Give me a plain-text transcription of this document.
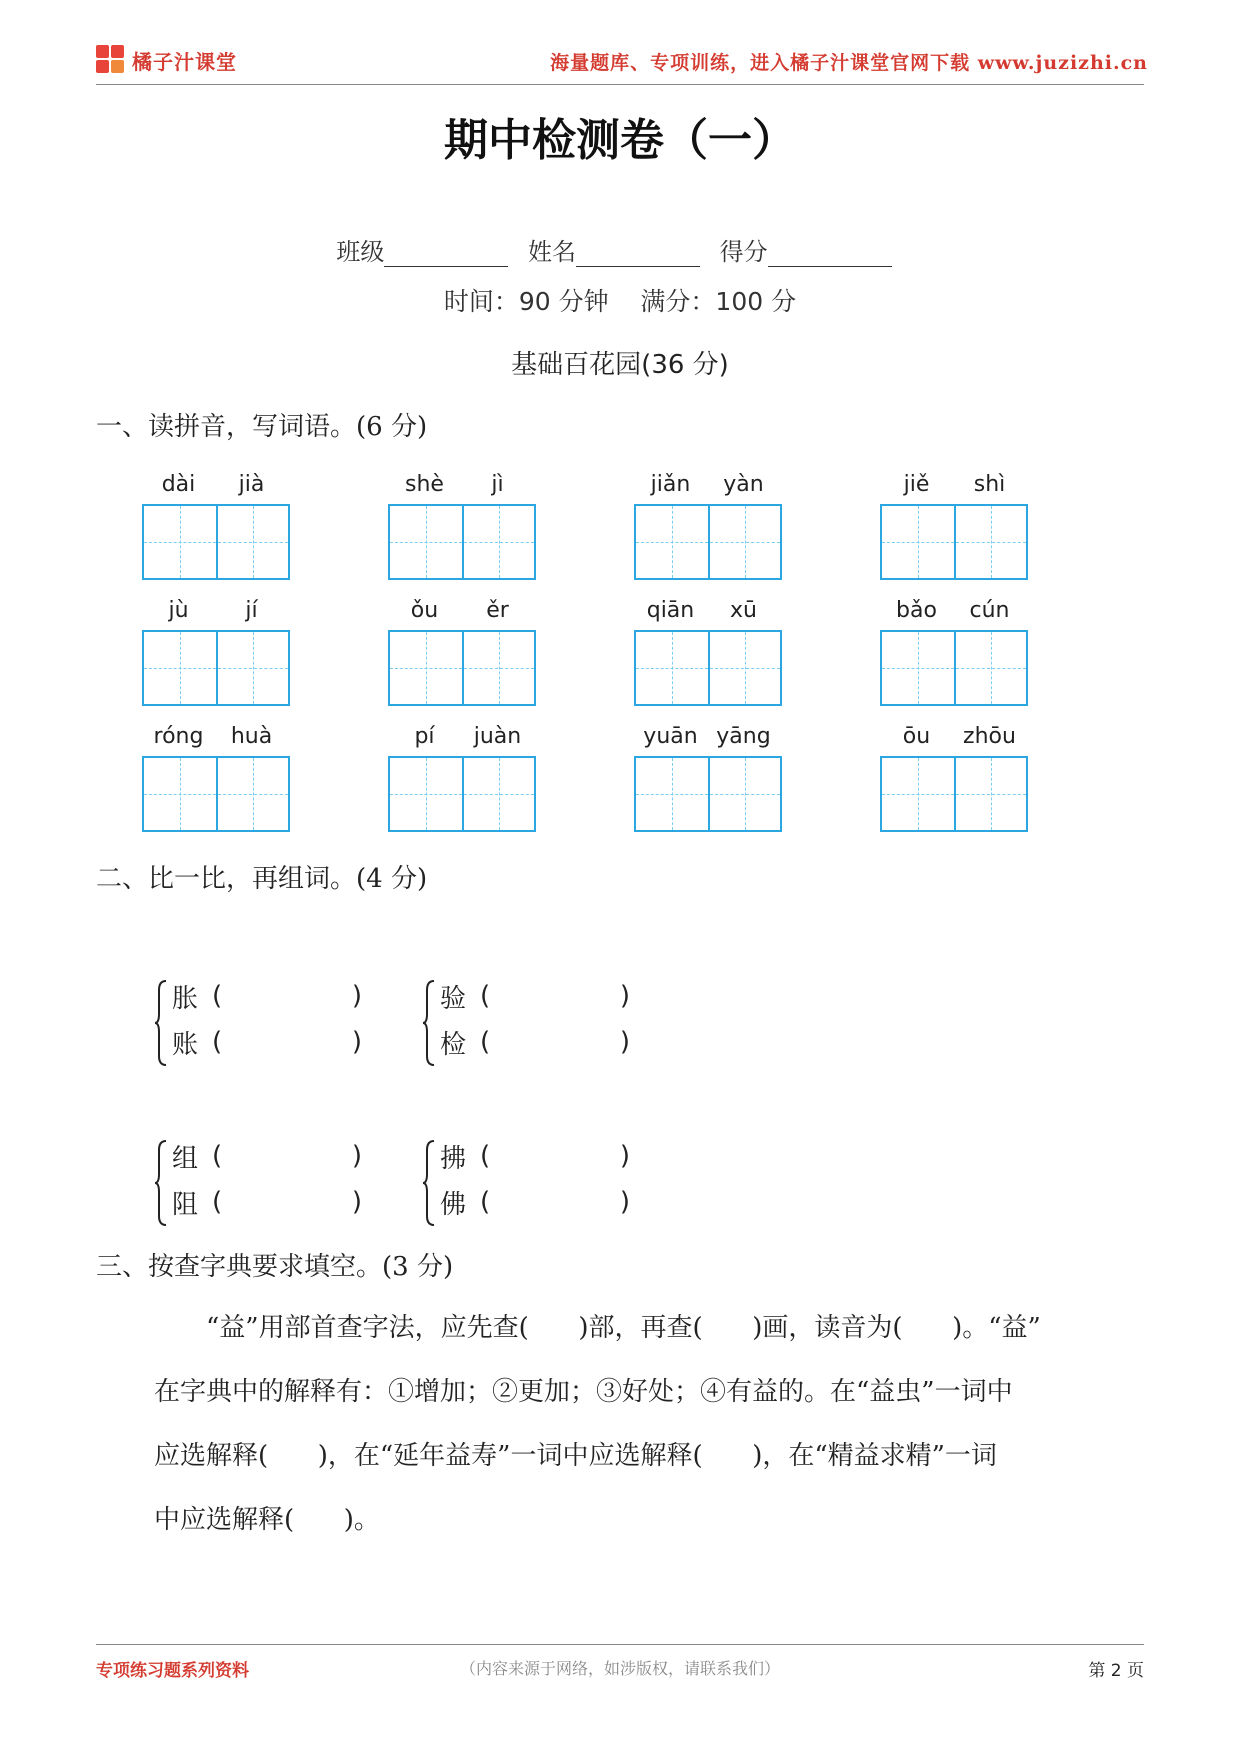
橘子汁课堂	海量题库、专项训练，进入橘子汁课堂官网下载 www.juzizhi.cn
期中检测卷（一）
班级	姓名	得分
时间：90 分钟    满分：100 分
基础百花园(36 分)
一、读拼音，写词语。(6 分)
dài	jià	shè	jì	jiǎn	yàn	jiě	shì
jù	jí	ǒu	ěr	qiān	xū	bǎo	cún
róng	huà	pí	juàn	yuān yāng	ōu	zhōu
二、比一比，再组词。(4 分)
胀 (	)
账 (	)
验 (	)
检 (	)
组 (	)
阻 (	)
拂 (	)
佛 (	)
三、按查字典要求填空。(3 分)

“益”用部首查字法，应先查(      )部，再查(      )画，读音为(      )。“益”

在字典中的解释有：①增加；②更加；③好处；④有益的。在“益虫”一词中

应选解释(      )，在“延年益寿”一词中应选解释(      )，在“精益求精”一词

中应选解释(      )。

专项练习题系列资料	（内容来源于网络，如涉版权，请联系我们）	第 2 页
